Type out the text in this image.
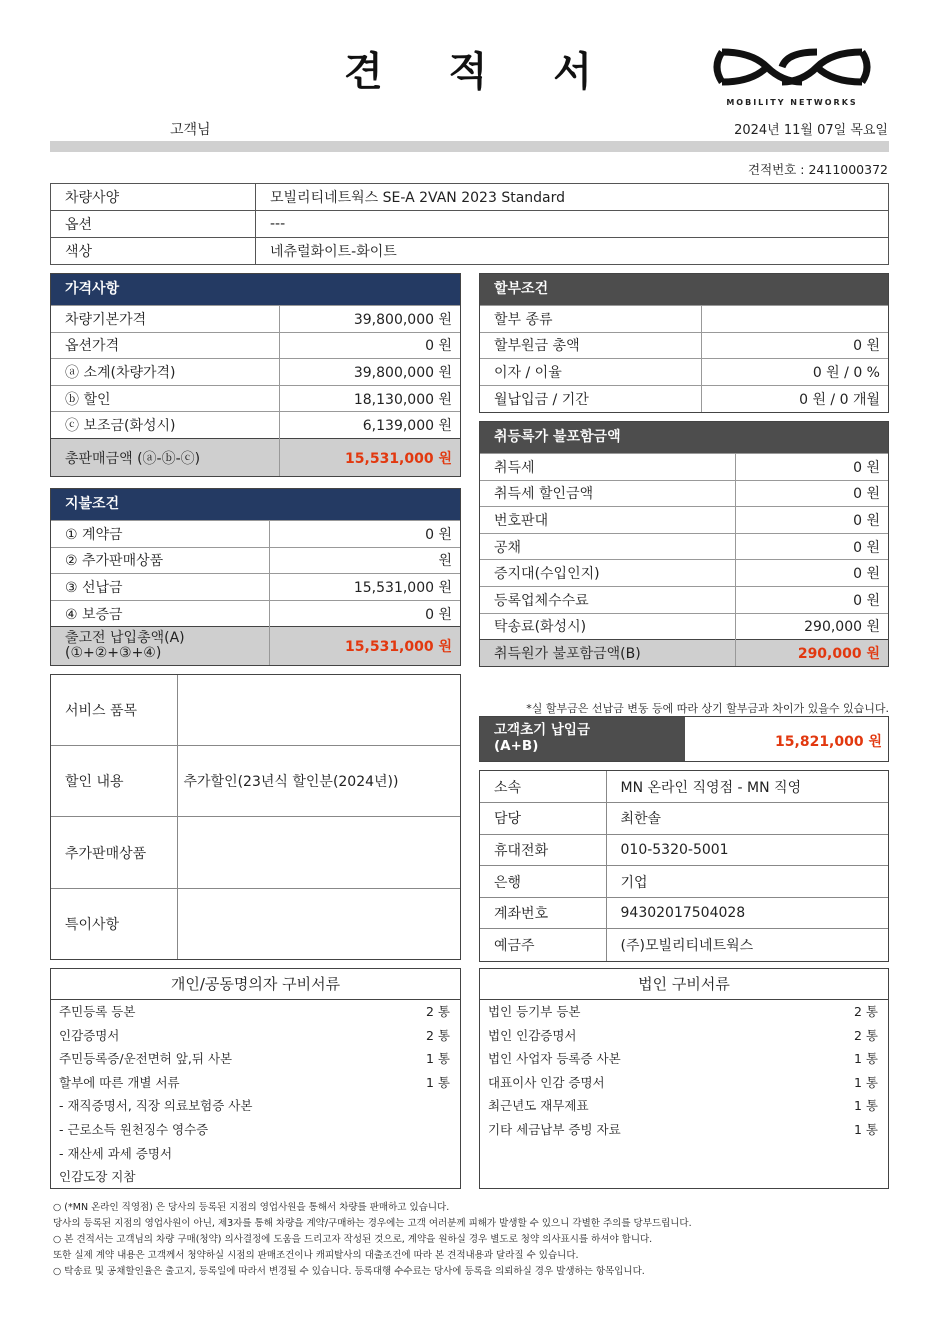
견 적 서
MOBILITY NETWORKS
고객님	2024년 11월 07일 목요일
견적번호 : 2411000372
차량사양	모빌리티네트웍스 SE-A 2VAN 2023 Standard
옵션	---
색상	네츄럴화이트-화이트
가격사항
차량기본가격	39,800,000 원
옵션가격	0 원
ⓐ 소계(차량가격)	39,800,000 원
ⓑ 할인	18,130,000 원
ⓒ 보조금(화성시)	6,139,000 원
총판매금액 (ⓐ-ⓑ-ⓒ)	15,531,000 원
지불조건
① 계약금	0 원
② 추가판매상품	원
③ 선납금	15,531,000 원
④ 보증금	0 원

출고전 납입총액(A)
(①+②+③+④)	15,531,000 원
할부조건
할부 종류	
할부원금 총액	0 원
이자 / 이율	0 원 / 0 %
월납입금 / 기간	0 원 / 0 개월
취등록가 불포함금액
취득세	0 원
취득세 할인금액	0 원
번호판대	0 원
공채	0 원
증지대(수입인지)	0 원
등록업체수수료	0 원
탁송료(화성시)	290,000 원
취득원가 불포함금액(B)	290,000 원
서비스 품목	
할인 내용	추가할인(23년식 할인분(2024년))
추가판매상품	
특이사항	
*실 할부금은 선납금 변동 등에 따라 상기 할부금과 차이가 있을수 있습니다.
고객초기 납입금
(A+B)	15,821,000 원
소속	MN 온라인 직영점 - MN 직영
담당	최한솔
휴대전화	010-5320-5001
은행	기업
계좌번호	94302017504028
예금주	(주)모빌리티네트웍스
개인/공동명의자 구비서류
주민등록 등본	2 통
인감증명서	2 통
주민등록증/운전면허 앞,뒤 사본	1 통
할부에 따른 개별 서류	1 통
- 재직증명서, 직장 의료보험증 사본
- 근로소득 원천징수 영수증
- 재산세 과세 증명서
인감도장 지참
법인 구비서류
법인 등기부 등본	2 통
법인 인감증명서	2 통
법인 사업자 등록증 사본	1 통
대표이사 인감 증명서	1 통
최근년도 재무제표	1 통
기타 세금납부 증빙 자료	1 통
○ (*MN 온라인 직영점) 은 당사의 등록된 지점의 영업사원을 통해서 차량를 판매하고 있습니다.
당사의 등록된 지점의 영업사원이 아닌, 제3자를 통해 차량을 계약/구매하는 경우에는 고객 여러분께 피해가 발생할 수 있으니 각별한 주의를 당부드립니다.
○ 본 견적서는 고객님의 차량 구매(청약) 의사결정에 도움을 드리고자 작성된 것으로, 계약을 원하실 경우 별도로 청약 의사표시를 하셔야 합니다.
또한 실제 계약 내용은 고객께서 청약하실 시점의 판매조건이나 캐피탈사의 대출조건에 따라 본 견적내용과 달라질 수 있습니다.
○ 탁송료 및 공채할인율은 출고지, 등록일에 따라서 변경될 수 있습니다. 등록대행 수수료는 당사에 등록을 의뢰하실 경우 발생하는 항목입니다.
